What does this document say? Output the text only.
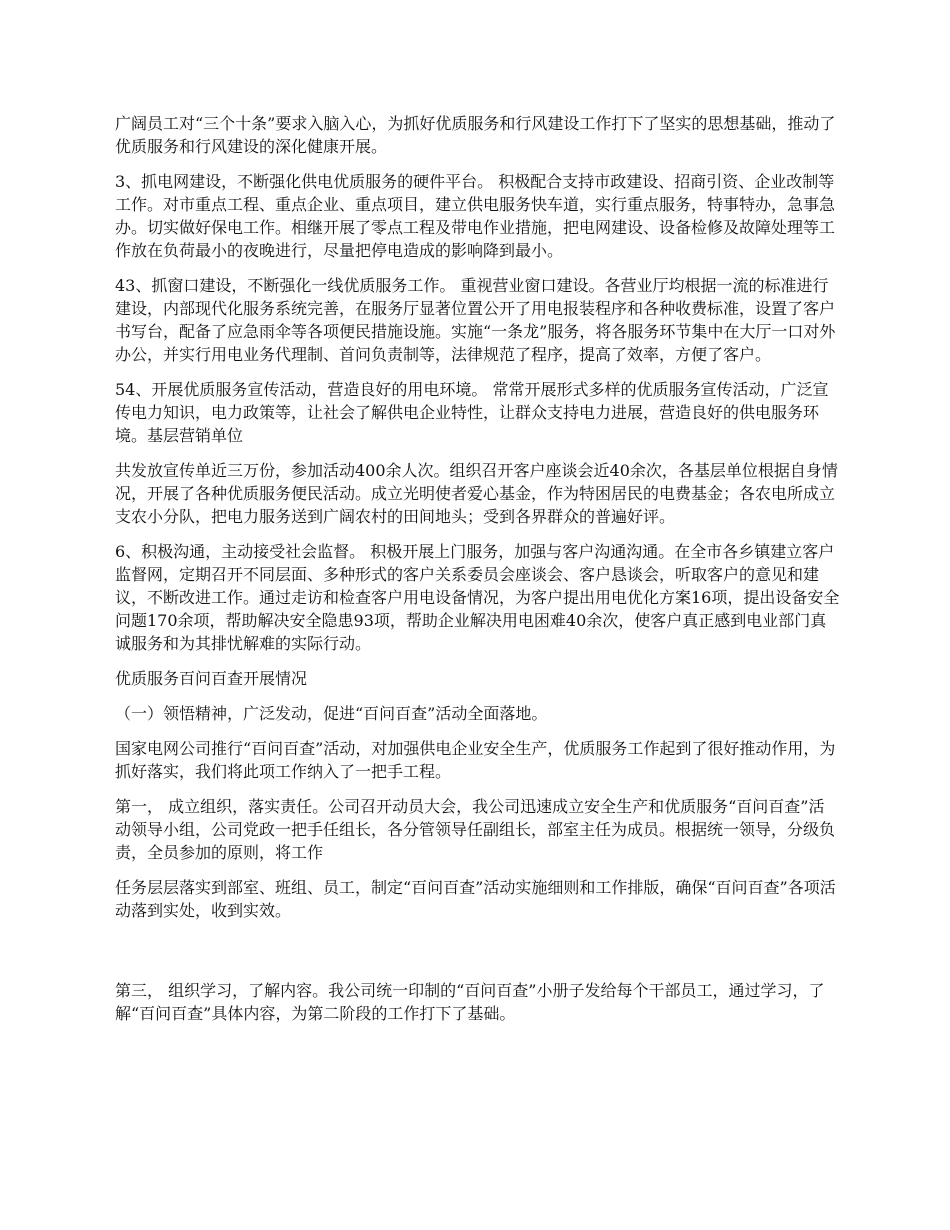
广阔员工对“三个十条”要求入脑入心，为抓好优质服务和行风建设工作打下了坚实的思想基础，推动了优质服务和行风建设的深化健康开展。

3、抓电网建设，不断强化供电优质服务的硬件平台。 积极配合支持市政建设、招商引资、企业改制等工作。对市重点工程、重点企业、重点项目，建立供电服务快车道，实行重点服务，特事特办，急事急办。切实做好保电工作。相继开展了零点工程及带电作业措施，把电网建设、设备检修及故障处理等工作放在负荷最小的夜晚进行，尽量把停电造成的影响降到最小。

43、抓窗口建设，不断强化一线优质服务工作。 重视营业窗口建设。各营业厅均根据一流的标准进行建设，内部现代化服务系统完善，在服务厅显著位置公开了用电报装程序和各种收费标准，设置了客户书写台，配备了应急雨伞等各项便民措施设施。实施“一条龙”服务，将各服务环节集中在大厅一口对外办公，并实行用电业务代理制、首问负责制等，法律规范了程序，提高了效率，方便了客户。

54、开展优质服务宣传活动，营造良好的用电环境。 常常开展形式多样的优质服务宣传活动，广泛宣传电力知识，电力政策等，让社会了解供电企业特性，让群众支持电力进展，营造良好的供电服务环境。基层营销单位

共发放宣传单近三万份，参加活动400余人次。组织召开客户座谈会近40余次，各基层单位根据自身情况，开展了各种优质服务便民活动。成立光明使者爱心基金，作为特困居民的电费基金；各农电所成立支农小分队，把电力服务送到广阔农村的田间地头；受到各界群众的普遍好评。

6、积极沟通，主动接受社会监督。 积极开展上门服务，加强与客户沟通沟通。在全市各乡镇建立客户监督网，定期召开不同层面、多种形式的客户关系委员会座谈会、客户恳谈会，听取客户的意见和建议，不断改进工作。通过走访和检查客户用电设备情况，为客户提出用电优化方案16项，提出设备安全问题170余项，帮助解决安全隐患93项，帮助企业解决用电困难40余次，使客户真正感到电业部门真诚服务和为其排忧解难的实际行动。

优质服务百问百查开展情况

（一）领悟精神，广泛发动，促进“百问百查”活动全面落地。

国家电网公司推行“百问百查”活动，对加强供电企业安全生产，优质服务工作起到了很好推动作用，为抓好落实，我们将此项工作纳入了一把手工程。

第一， 成立组织，落实责任。公司召开动员大会，我公司迅速成立安全生产和优质服务“百问百查”活动领导小组，公司党政一把手任组长，各分管领导任副组长，部室主任为成员。根据统一领导，分级负责，全员参加的原则，将工作

任务层层落实到部室、班组、员工，制定“百问百查”活动实施细则和工作排版，确保“百问百查”各项活动落到实处，收到实效。

第三， 组织学习，了解内容。我公司统一印制的“百问百查”小册子发给每个干部员工，通过学习，了解“百问百查”具体内容，为第二阶段的工作打下了基础。
